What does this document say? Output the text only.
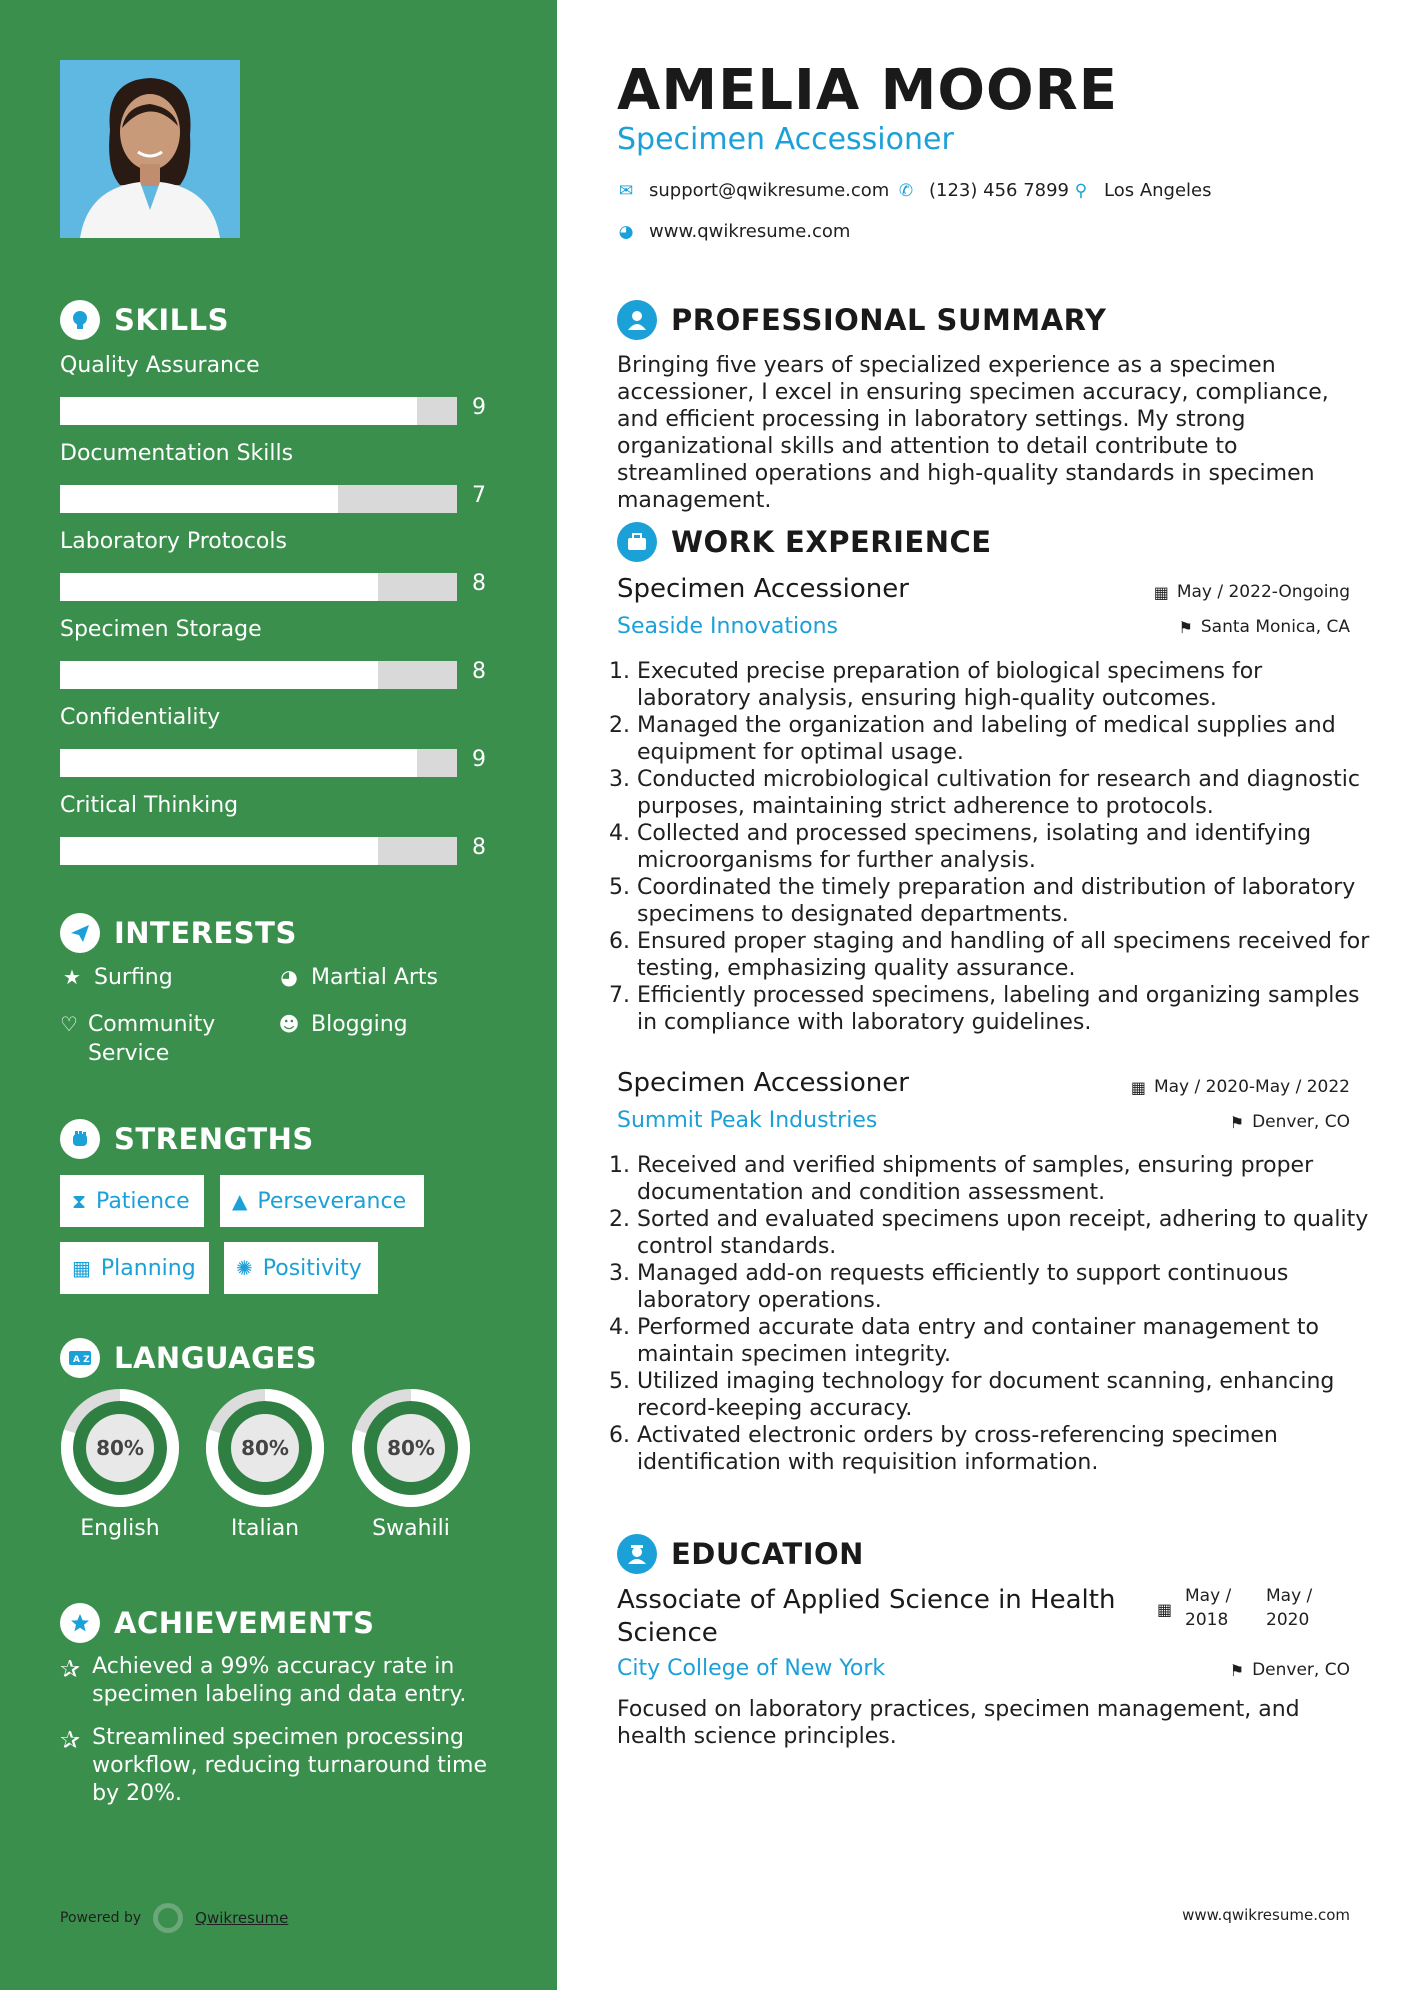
SKILLS
Quality Assurance
9
Documentation Skills
7
Laboratory Protocols
8
Specimen Storage
8
Confidentiality
9
Critical Thinking
8
INTERESTS
★ Surfing	◕ Martial Arts
♡ Community Service
☻ Blogging
STRENGTHS
⧗ Patience ▲ Perseverance
▦ Planning ✺ Positivity
A Z LANGUAGES
80%
English
80%
Italian
80%
Swahili
ACHIEVEMENTS
✰ Achieved a 99% accuracy rate in specimen labeling and data entry.
✰ Streamlined specimen processing workflow, reducing turnaround time by 20%.
Powered by	Qwikresume
AMELIA MOORE
Specimen Accessioner
✉ support@qwikresume.com ✆ (123) 456 7899 ⚲ Los Angeles
◕ www.qwikresume.com
PROFESSIONAL SUMMARY
Bringing five years of specialized experience as a specimen accessioner, I excel in ensuring specimen accuracy, compliance, and efficient processing in laboratory settings. My strong organizational skills and attention to detail contribute to streamlined operations and high-quality standards in specimen management.
WORK EXPERIENCE
Specimen Accessioner	▦ May / 2022-Ongoing
Seaside Innovations	⚑ Santa Monica, CA
1. Executed precise preparation of biological specimens for laboratory analysis, ensuring high-quality outcomes.
2. Managed the organization and labeling of medical supplies and equipment for optimal usage.
3. Conducted microbiological cultivation for research and diagnostic purposes, maintaining strict adherence to protocols.
4. Collected and processed specimens, isolating and identifying microorganisms for further analysis.
5. Coordinated the timely preparation and distribution of laboratory specimens to designated departments.
6. Ensured proper staging and handling of all specimens received for testing, emphasizing quality assurance.
7. Efficiently processed specimens, labeling and organizing samples in compliance with laboratory guidelines.
Specimen Accessioner	▦ May / 2020-May / 2022
Summit Peak Industries	⚑ Denver, CO
1. Received and verified shipments of samples, ensuring proper documentation and condition assessment.
2. Sorted and evaluated specimens upon receipt, adhering to quality control standards.
3. Managed add-on requests efficiently to support continuous laboratory operations.
4. Performed accurate data entry and container management to maintain specimen integrity.
5. Utilized imaging technology for document scanning, enhancing record-keeping accuracy.
6. Activated electronic orders by cross-referencing specimen identification with requisition information.
EDUCATION
Associate of Applied Science in Health Science
▦
May /
2018
May /
2020
City College of New York	⚑ Denver, CO
Focused on laboratory practices, specimen management, and health science principles.
www.qwikresume.com
